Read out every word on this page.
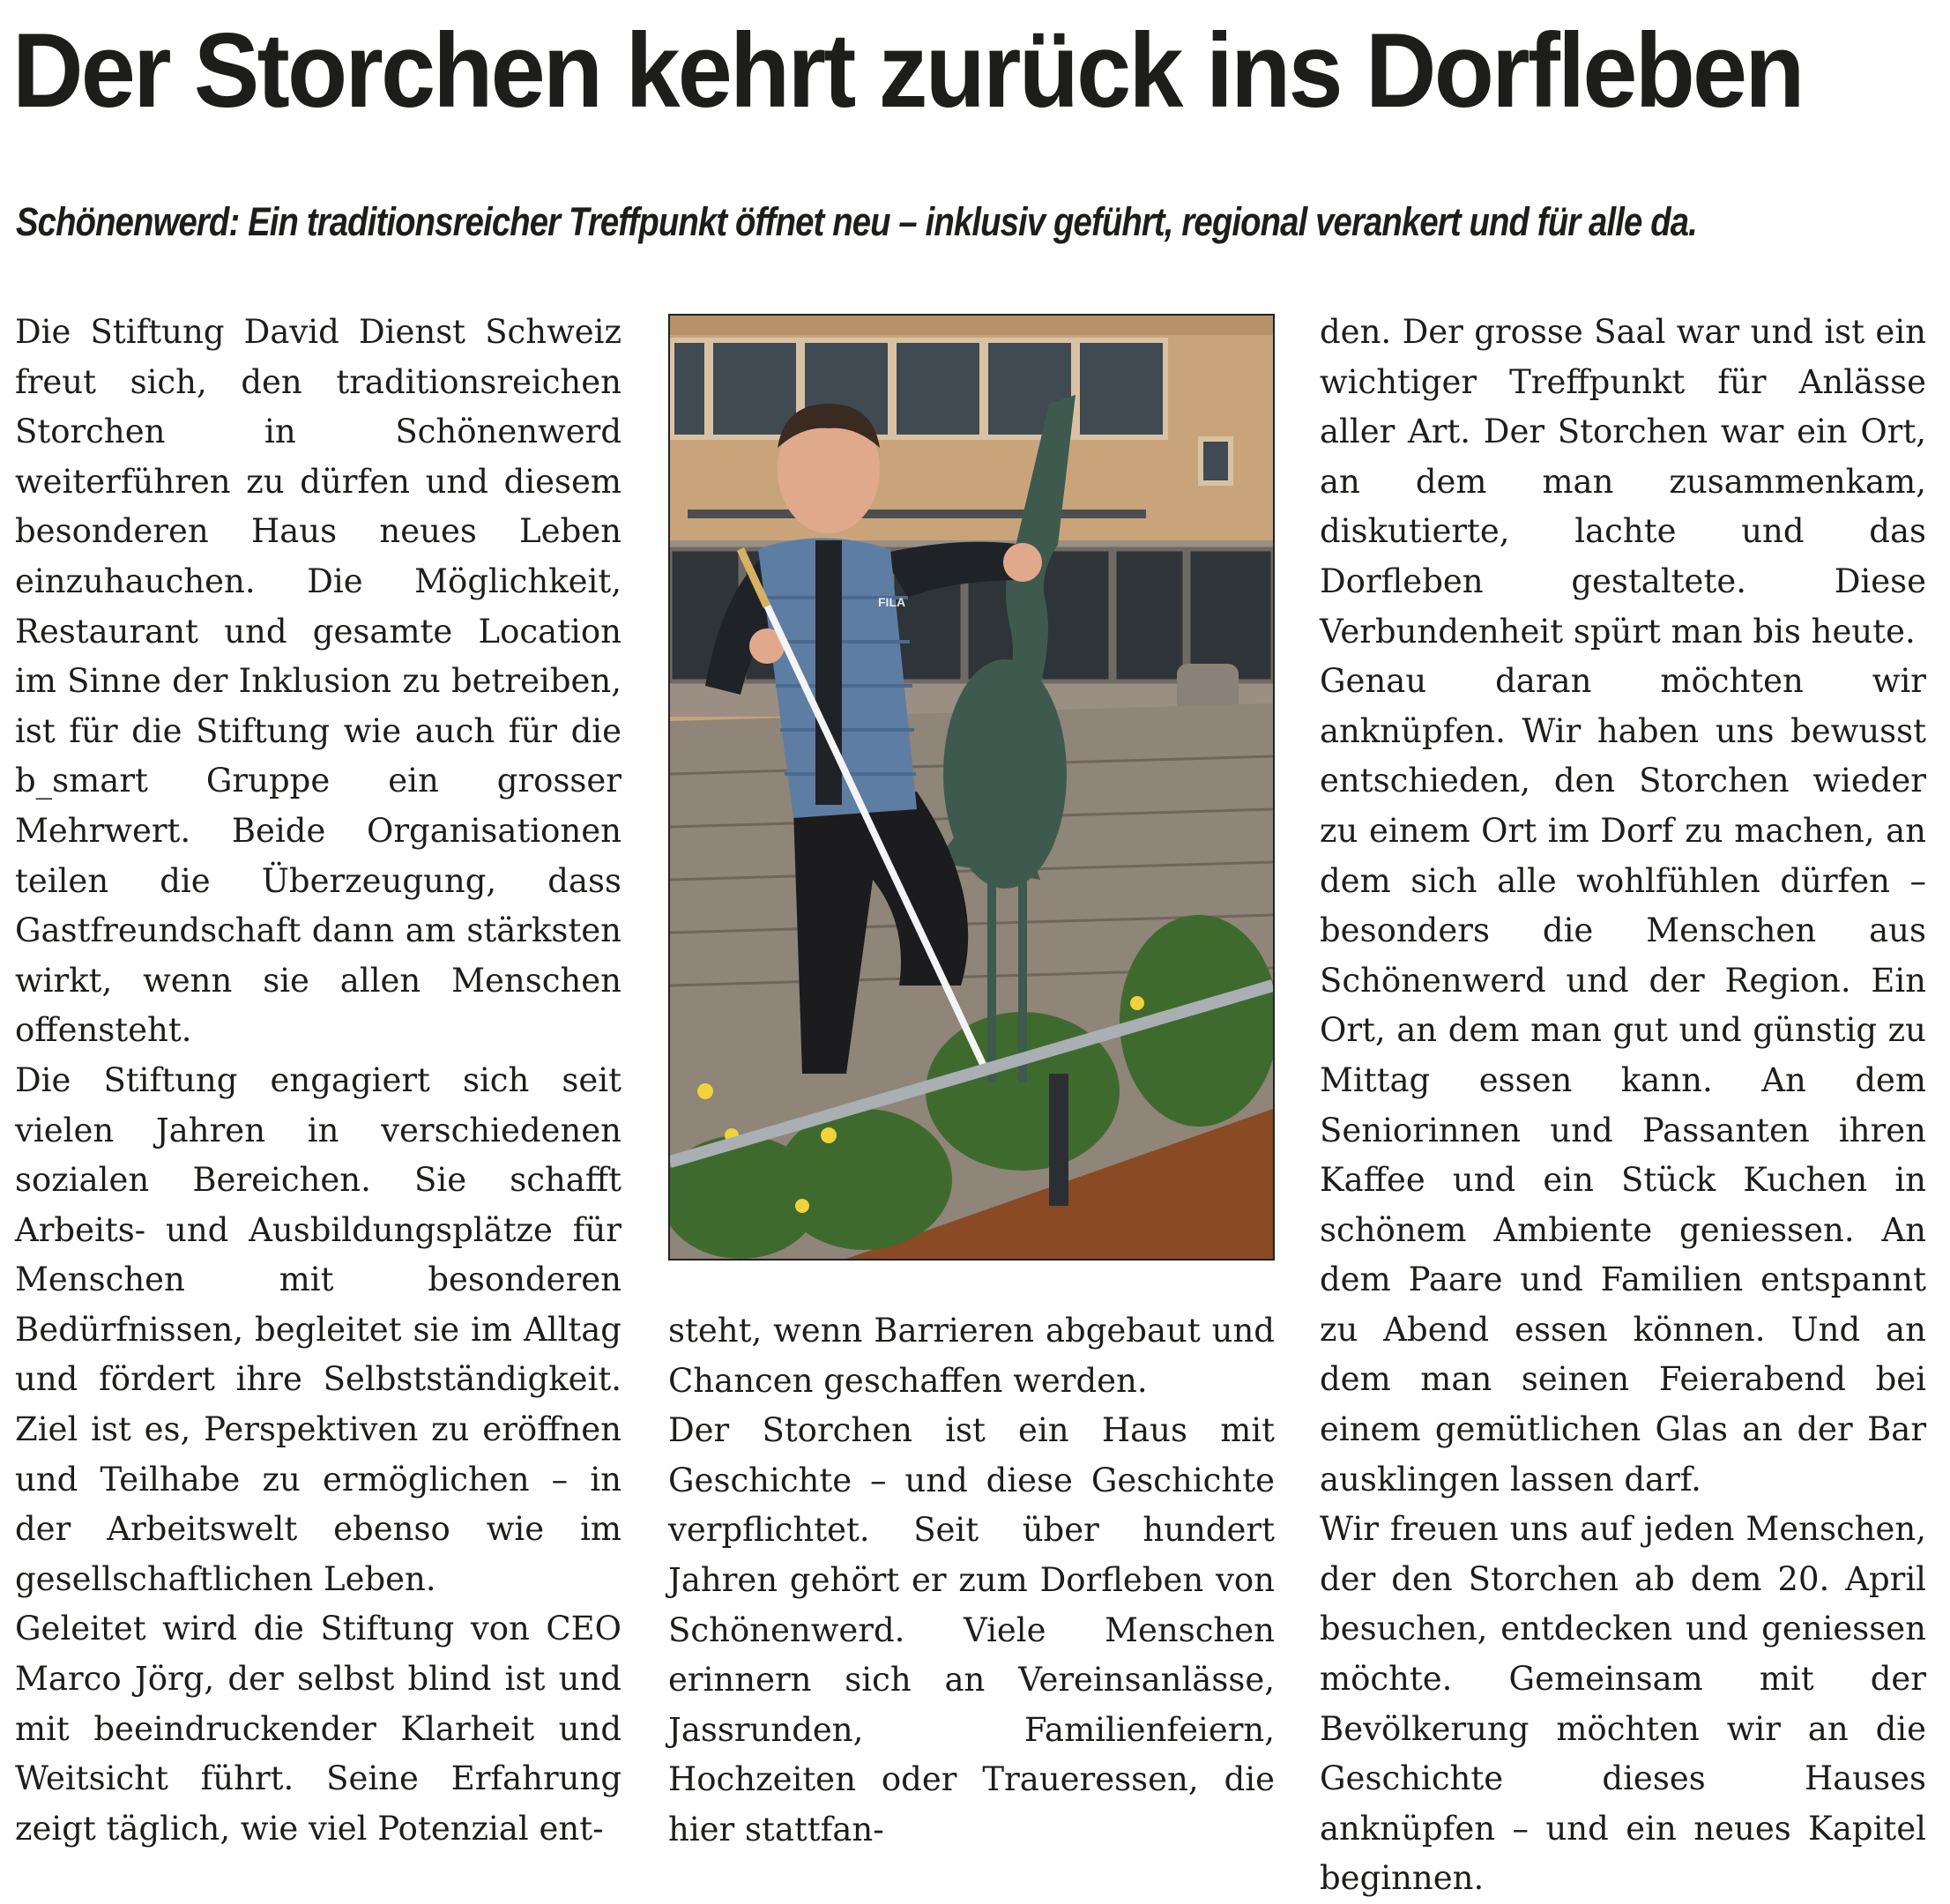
Der Storchen kehrt zurück ins Dorfleben
Schönenwerd: Ein traditionsreicher Treffpunkt öffnet neu – inklusiv geführt, regional verankert und für alle da.

Die Stiftung David Dienst Schweiz freut sich, den traditionsreichen Storchen in Schönenwerd weiterführen zu dürfen und diesem besonderen Haus neues Leben einzuhauchen. Die Möglichkeit, Restaurant und gesamte Location im Sinne der Inklusion zu betreiben, ist für die Stiftung wie auch für die b_smart Gruppe ein grosser Mehrwert. Beide Organisationen teilen die Überzeugung, dass Gastfreundschaft dann am stärksten wirkt, wenn sie allen Menschen offensteht.

Die Stiftung engagiert sich seit vielen Jahren in verschiedenen sozialen Bereichen. Sie schafft Arbeits- und Ausbildungsplätze für Menschen mit besonderen Bedürfnissen, begleitet sie im Alltag und fördert ihre Selbstständigkeit. Ziel ist es, Perspektiven zu eröffnen und Teilhabe zu ermöglichen – in der Arbeitswelt ebenso wie im gesellschaftlichen Leben.

Geleitet wird die Stiftung von CEO Marco Jörg, der selbst blind ist und mit beeindruckender Klarheit und Weitsicht führt. Seine Erfahrung zeigt täglich, wie viel Potenzial ent-

FILA

steht, wenn Barrieren abgebaut und Chancen geschaffen werden.

Der Storchen ist ein Haus mit Geschichte – und diese Geschichte verpflichtet. Seit über hundert Jahren gehört er zum Dorfleben von Schönenwerd. Viele Menschen erinnern sich an Vereinsanlässe, Jassrunden, Familienfeiern, Hochzeiten oder Traueressen, die hier stattfan-

den. Der grosse Saal war und ist ein wichtiger Treffpunkt für Anlässe aller Art. Der Storchen war ein Ort, an dem man zusammenkam, diskutierte, lachte und das Dorfleben gestaltete. Diese Verbundenheit spürt man bis heute.

Genau daran möchten wir anknüpfen. Wir haben uns bewusst entschieden, den Storchen wieder zu einem Ort im Dorf zu machen, an dem sich alle wohlfühlen dürfen – besonders die Menschen aus Schönenwerd und der Region. Ein Ort, an dem man gut und günstig zu Mittag essen kann. An dem Seniorinnen und Passanten ihren Kaffee und ein Stück Kuchen in schönem Ambiente geniessen. An dem Paare und Familien entspannt zu Abend essen können. Und an dem man seinen Feierabend bei einem gemütlichen Glas an der Bar ausklingen lassen darf.

Wir freuen uns auf jeden Menschen, der den Storchen ab dem 20. April besuchen, entdecken und geniessen möchte. Gemeinsam mit der Bevölkerung möchten wir an die Geschichte dieses Hauses anknüpfen – und ein neues Kapitel beginnen.
